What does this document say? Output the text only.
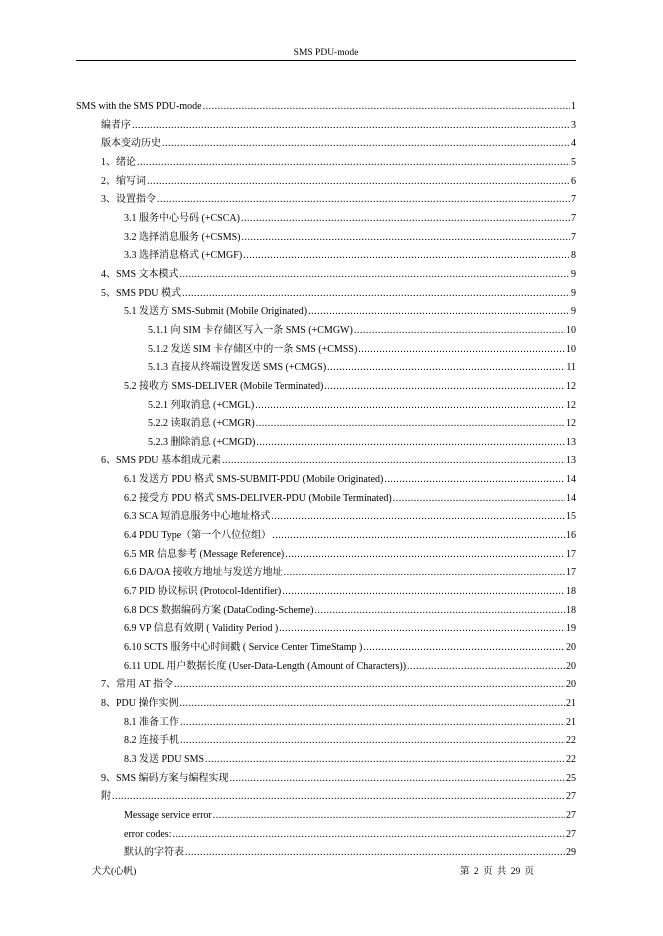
SMS PDU-mode
SMS with the SMS PDU-mode .....	1
编者序 .....	3
版本变动历史 .....	4
1、绪论 .....	5
2、缩写词 .....	6
3、设置指令 .....	7
3.1 服务中心号码 (+CSCA) .....	7
3.2 选择消息服务 (+CSMS) .....	7
3.3 选择消息格式 (+CMGF) .....	8
4、SMS 文本模式 .....	9
5、SMS PDU 模式 .....	9
5.1 发送方 SMS-Submit (Mobile Originated) .....	9
5.1.1 向 SIM 卡存储区写入一条 SMS (+CMGW) .....	10
5.1.2 发送 SIM 卡存储区中的一条 SMS (+CMSS) .....	10
5.1.3 直接从终端设置发送 SMS (+CMGS) .....	11
5.2 接收方 SMS-DELIVER (Mobile Terminated) .....	12
5.2.1 列取消息 (+CMGL) .....	12
5.2.2 读取消息 (+CMGR) .....	12
5.2.3 删除消息 (+CMGD) .....	13
6、SMS PDU 基本组成元素 .....	13
6.1 发送方 PDU 格式 SMS-SUBMIT-PDU (Mobile Originated) .....	14
6.2 接受方 PDU 格式 SMS-DELIVER-PDU (Mobile Terminated) .....	14
6.3 SCA 短消息服务中心地址格式 .....	15
6.4 PDU Type（第一个八位位组） .....	16
6.5 MR 信息参考 (Message Reference) .....	17
6.6 DA/OA 接收方地址与发送方地址 .....	17
6.7 PID 协议标识 (Protocol-Identifier) .....	18
6.8 DCS 数据编码方案 (DataCoding-Scheme) .....	18
6.9 VP 信息有效期 ( Validity Period ) .....	19
6.10 SCTS 服务中心时间戳 ( Service Center TimeStamp ) .....	20
6.11 UDL 用户数据长度 (User-Data-Length (Amount of Characters)) .....	20
7、常用 AT 指令 .....	20
8、PDU 操作实例 .....	21
8.1 准备工作 .....	21
8.2 连接手机 .....	22
8.3 发送 PDU SMS .....	22
9、SMS 编码方案与编程实现 .....	25
附 .....	27
Message service error .....	27
error codes: .....	27
默认的字符表 .....	29
犬犬(心帆)	第 2 页 共 29 页
